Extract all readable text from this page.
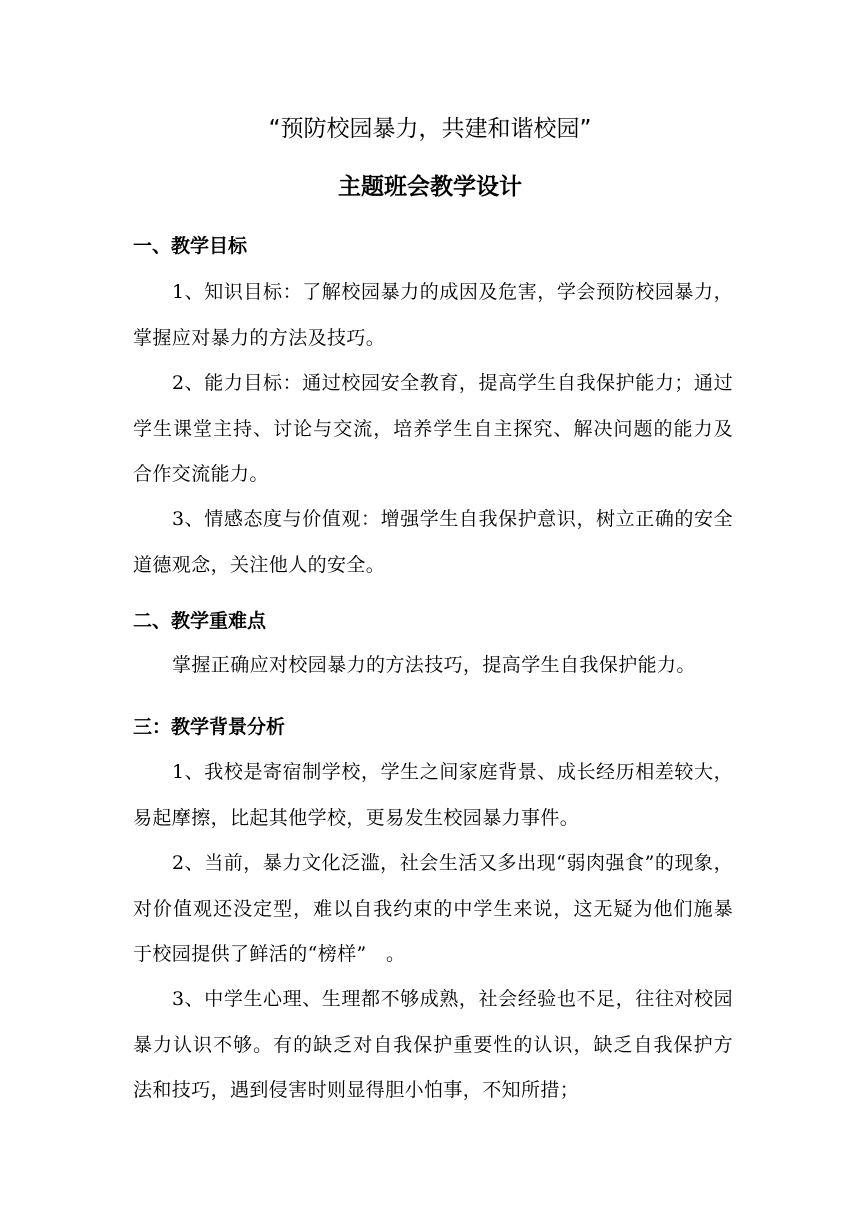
“预防校园暴力，共建和谐校园”
主题班会教学设计
一、教学目标

1、知识目标：了解校园暴力的成因及危害，学会预防校园暴力，掌握应对暴力的方法及技巧。

2、能力目标：通过校园安全教育，提高学生自我保护能力；通过学生课堂主持、讨论与交流，培养学生自主探究、解决问题的能力及合作交流能力。

3、情感态度与价值观：增强学生自我保护意识，树立正确的安全道德观念，关注他人的安全。

二、教学重难点

掌握正确应对校园暴力的方法技巧，提高学生自我保护能力。

三：教学背景分析

1、我校是寄宿制学校，学生之间家庭背景、成长经历相差较大，易起摩擦，比起其他学校，更易发生校园暴力事件。

2、当前，暴力文化泛滥，社会生活又多出现“弱肉强食”的现象，对价值观还没定型，难以自我约束的中学生来说，这无疑为他们施暴于校园提供了鲜活的“榜样”　。

3、中学生心理、生理都不够成熟，社会经验也不足，往往对校园暴力认识不够。有的缺乏对自我保护重要性的认识，缺乏自我保护方法和技巧，遇到侵害时则显得胆小怕事，不知所措；
